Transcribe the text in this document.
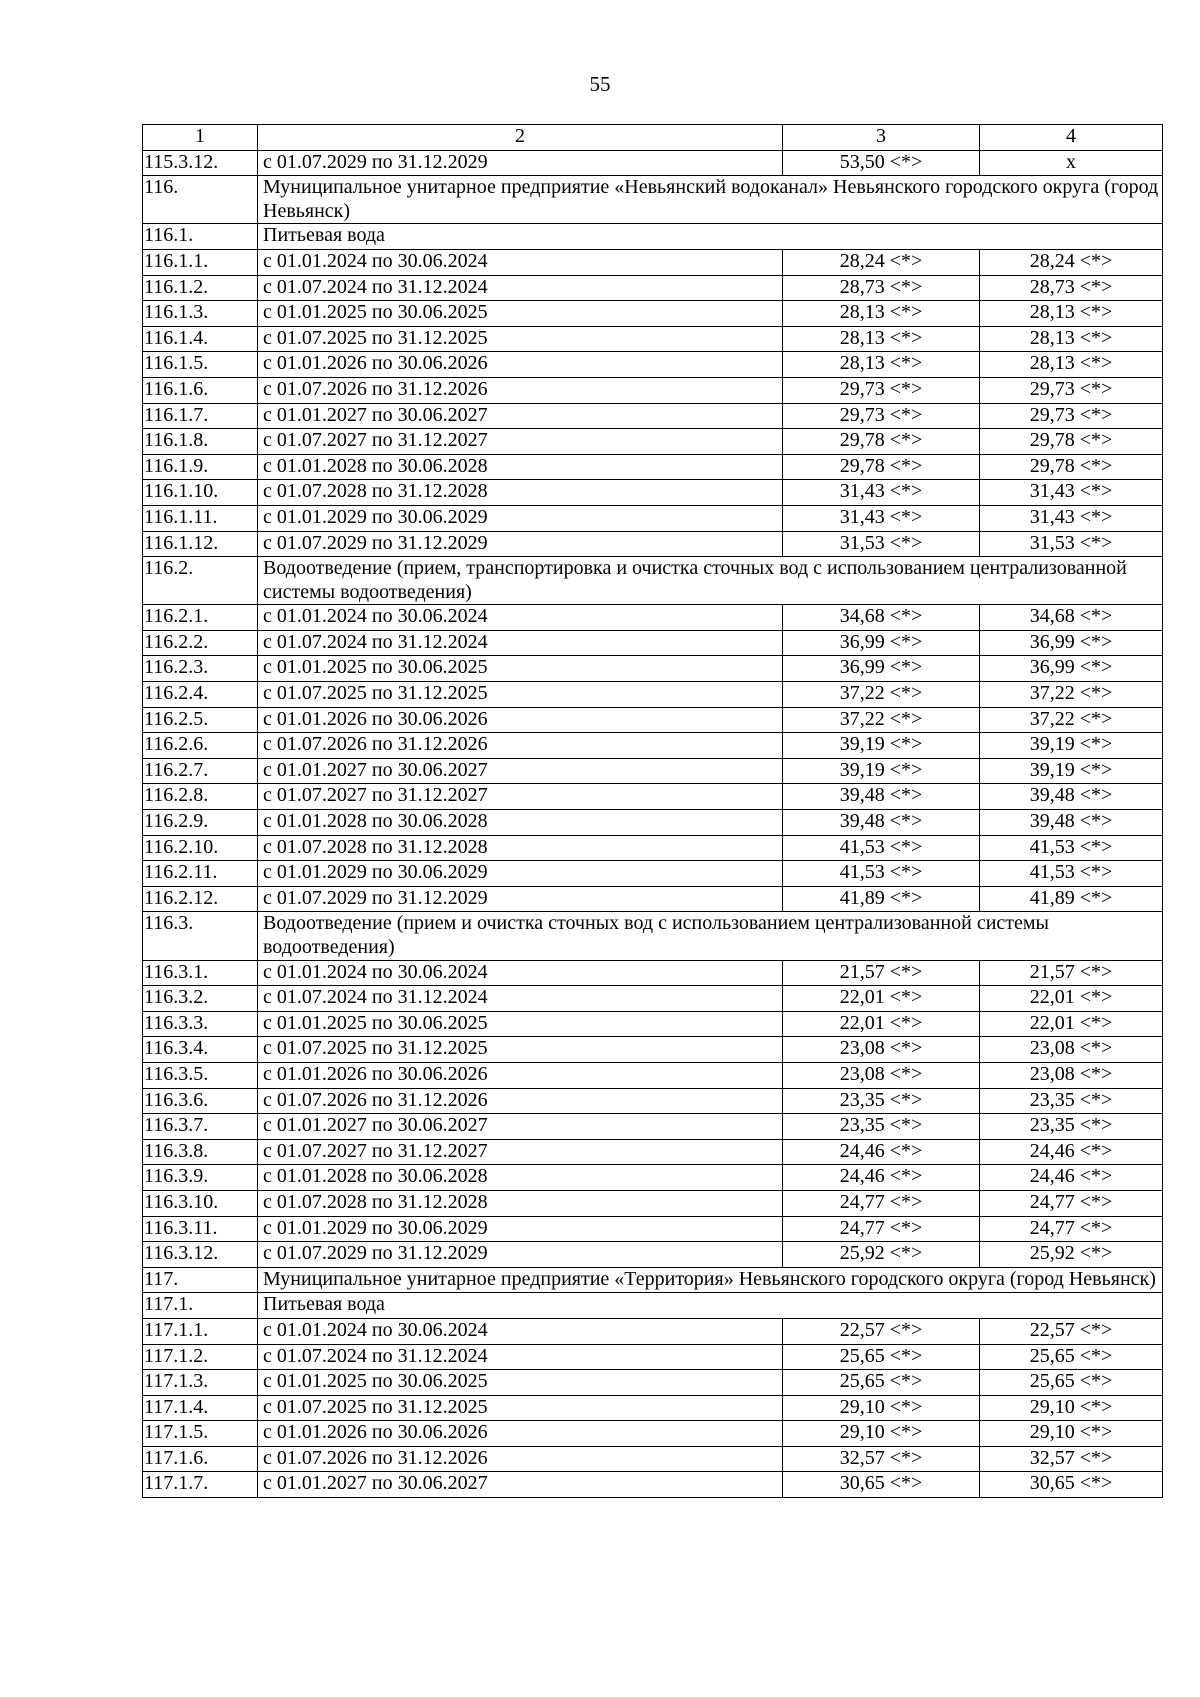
55
1	2	3	4
115.3.12.	с 01.07.2029 по 31.12.2029	53,50 <*>	х
116.	Муниципальное унитарное предприятие «Невьянский водоканал» Невьянского городского округа (город Невьянск)		
116.1.	Питьевая вода		
116.1.1.	с 01.01.2024 по 30.06.2024	28,24 <*>	28,24 <*>
116.1.2.	с 01.07.2024 по 31.12.2024	28,73 <*>	28,73 <*>
116.1.3.	с 01.01.2025 по 30.06.2025	28,13 <*>	28,13 <*>
116.1.4.	с 01.07.2025 по 31.12.2025	28,13 <*>	28,13 <*>
116.1.5.	с 01.01.2026 по 30.06.2026	28,13 <*>	28,13 <*>
116.1.6.	с 01.07.2026 по 31.12.2026	29,73 <*>	29,73 <*>
116.1.7.	с 01.01.2027 по 30.06.2027	29,73 <*>	29,73 <*>
116.1.8.	с 01.07.2027 по 31.12.2027	29,78 <*>	29,78 <*>
116.1.9.	с 01.01.2028 по 30.06.2028	29,78 <*>	29,78 <*>
116.1.10.	с 01.07.2028 по 31.12.2028	31,43 <*>	31,43 <*>
116.1.11.	с 01.01.2029 по 30.06.2029	31,43 <*>	31,43 <*>
116.1.12.	с 01.07.2029 по 31.12.2029	31,53 <*>	31,53 <*>
116.2.	Водоотведение (прием, транспортировка и очистка сточных вод с использованием централизованной системы водоотведения)		
116.2.1.	с 01.01.2024 по 30.06.2024	34,68 <*>	34,68 <*>
116.2.2.	с 01.07.2024 по 31.12.2024	36,99 <*>	36,99 <*>
116.2.3.	с 01.01.2025 по 30.06.2025	36,99 <*>	36,99 <*>
116.2.4.	с 01.07.2025 по 31.12.2025	37,22 <*>	37,22 <*>
116.2.5.	с 01.01.2026 по 30.06.2026	37,22 <*>	37,22 <*>
116.2.6.	с 01.07.2026 по 31.12.2026	39,19 <*>	39,19 <*>
116.2.7.	с 01.01.2027 по 30.06.2027	39,19 <*>	39,19 <*>
116.2.8.	с 01.07.2027 по 31.12.2027	39,48 <*>	39,48 <*>
116.2.9.	с 01.01.2028 по 30.06.2028	39,48 <*>	39,48 <*>
116.2.10.	с 01.07.2028 по 31.12.2028	41,53 <*>	41,53 <*>
116.2.11.	с 01.01.2029 по 30.06.2029	41,53 <*>	41,53 <*>
116.2.12.	с 01.07.2029 по 31.12.2029	41,89 <*>	41,89 <*>
116.3.	Водоотведение (прием и очистка сточных вод с использованием централизованной системы водоотведения)		
116.3.1.	с 01.01.2024 по 30.06.2024	21,57 <*>	21,57 <*>
116.3.2.	с 01.07.2024 по 31.12.2024	22,01 <*>	22,01 <*>
116.3.3.	с 01.01.2025 по 30.06.2025	22,01 <*>	22,01 <*>
116.3.4.	с 01.07.2025 по 31.12.2025	23,08 <*>	23,08 <*>
116.3.5.	с 01.01.2026 по 30.06.2026	23,08 <*>	23,08 <*>
116.3.6.	с 01.07.2026 по 31.12.2026	23,35 <*>	23,35 <*>
116.3.7.	с 01.01.2027 по 30.06.2027	23,35 <*>	23,35 <*>
116.3.8.	с 01.07.2027 по 31.12.2027	24,46 <*>	24,46 <*>
116.3.9.	с 01.01.2028 по 30.06.2028	24,46 <*>	24,46 <*>
116.3.10.	с 01.07.2028 по 31.12.2028	24,77 <*>	24,77 <*>
116.3.11.	с 01.01.2029 по 30.06.2029	24,77 <*>	24,77 <*>
116.3.12.	с 01.07.2029 по 31.12.2029	25,92 <*>	25,92 <*>
117.	Муниципальное унитарное предприятие «Территория» Невьянского городского округа (город Невьянск)		
117.1.	Питьевая вода		
117.1.1.	с 01.01.2024 по 30.06.2024	22,57 <*>	22,57 <*>
117.1.2.	с 01.07.2024 по 31.12.2024	25,65 <*>	25,65 <*>
117.1.3.	с 01.01.2025 по 30.06.2025	25,65 <*>	25,65 <*>
117.1.4.	с 01.07.2025 по 31.12.2025	29,10 <*>	29,10 <*>
117.1.5.	с 01.01.2026 по 30.06.2026	29,10 <*>	29,10 <*>
117.1.6.	с 01.07.2026 по 31.12.2026	32,57 <*>	32,57 <*>
117.1.7.	с 01.01.2027 по 30.06.2027	30,65 <*>	30,65 <*>
